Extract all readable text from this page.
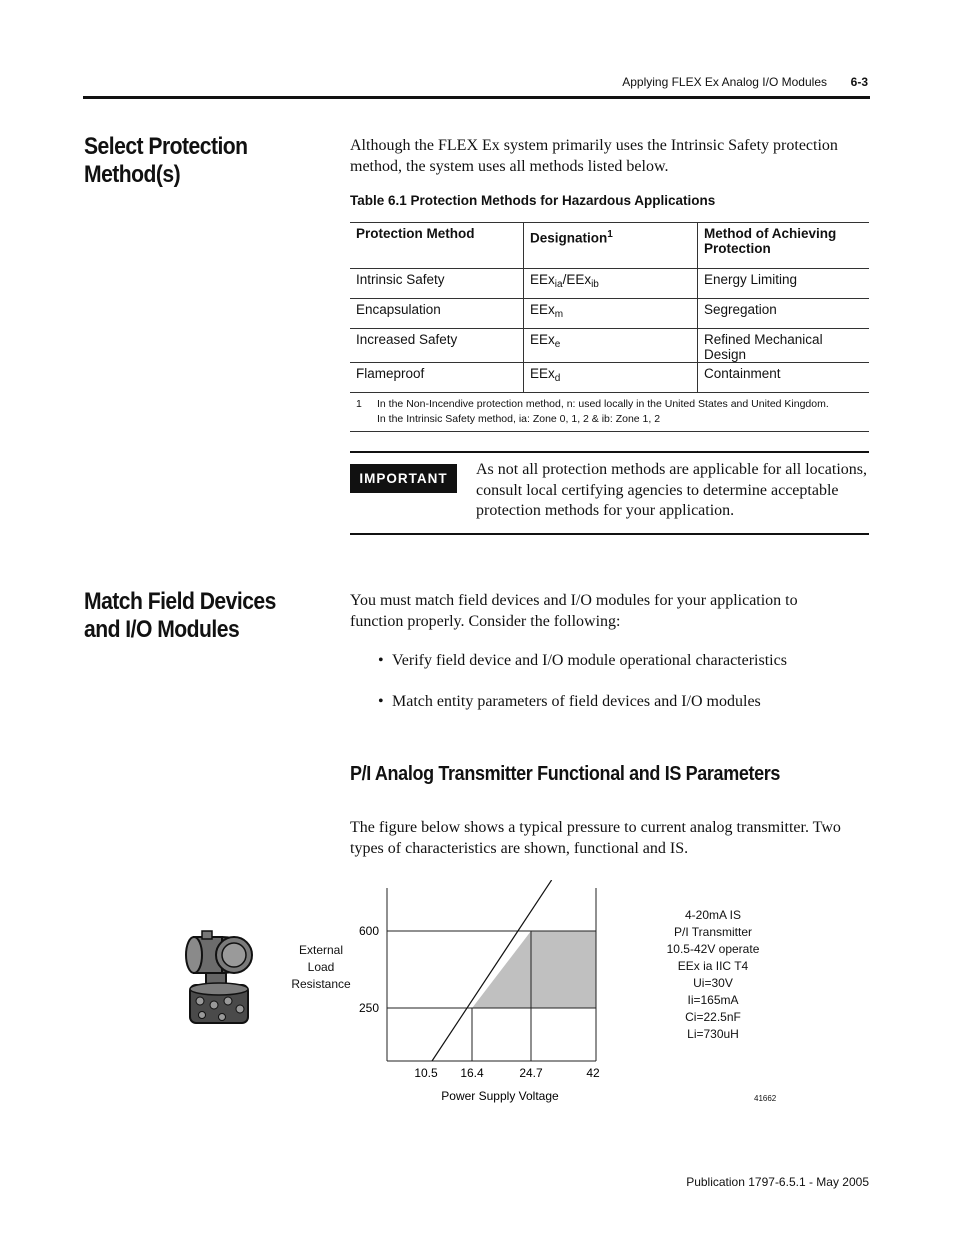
Applying FLEX Ex Analog I/O Modules 6-3
Select Protection
Method(s)
Although the FLEX Ex system primarily uses the Intrinsic Safety protection method, the system uses all methods listed below.
Table 6.1 Protection Methods for Hazardous Applications
Protection Method	Designation$^1$	Method of Achieving Protection
Intrinsic Safety	EEx$_{ia}$/EEx$_{ib}$	Energy Limiting
Encapsulation	EEx$_m$	Segregation
Increased Safety	EEx$_e$	Refined Mechanical Design
Flameproof	EEx$_d$	Containment
1 In the Non-Incendive protection method, n: used locally in the United States and United Kingdom.
In the Intrinsic Safety method, ia: Zone 0, 1, 2 & ib: Zone 1, 2
IMPORTANT
As not all protection methods are applicable for all locations, consult local certifying agencies to determine acceptable protection methods for your application.
Match Field Devices
and I/O Modules
You must match field devices and I/O modules for your application to function properly. Consider the following:
• Verify field device and I/O module operational characteristics
• Match entity parameters of field devices and I/O modules
P/I Analog Transmitter Functional and IS Parameters
The figure below shows a typical pressure to current analog transmitter. Two types of characteristics are shown, functional and IS.
External
Load
Resistance
600
250
10.5 16.4	24.7	42
Power Supply Voltage
4-20mA IS
P/I Transmitter
10.5-42V operate
EEx ia IIC T4
Ui=30V
Ii=165mA
Ci=22.5nF
Li=730uH
41662
Publication 1797-6.5.1 - May 2005
